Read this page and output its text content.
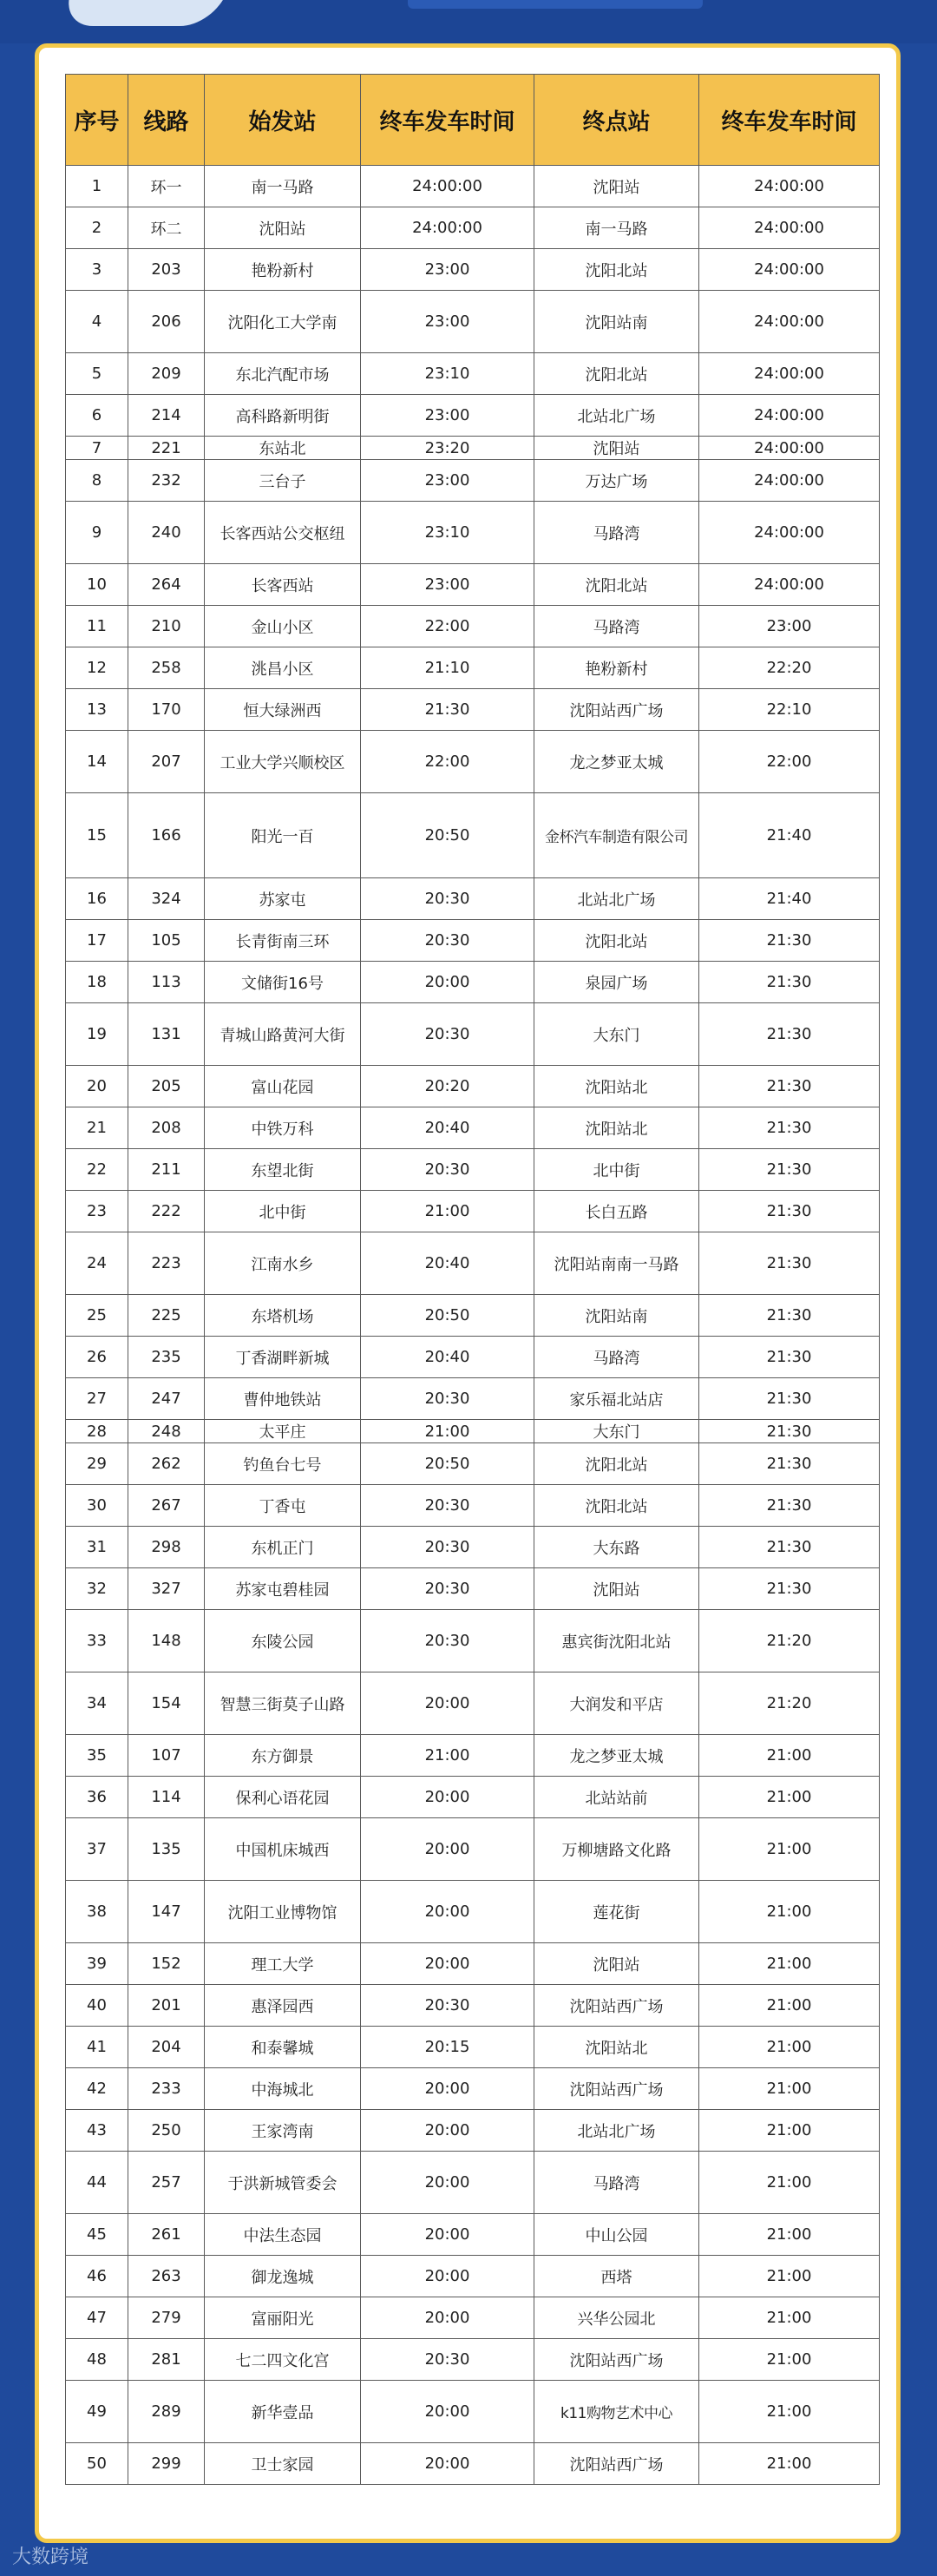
序号	线路	始发站	终车发车时间	终点站	终车发车时间
1	环一	南一马路	24:00:00	沈阳站	24:00:00
2	环二	沈阳站	24:00:00	南一马路	24:00:00
3	203	艳粉新村	23:00	沈阳北站	24:00:00
4	206	沈阳化工大学南	23:00	沈阳站南	24:00:00
5	209	东北汽配市场	23:10	沈阳北站	24:00:00
6	214	高科路新明街	23:00	北站北广场	24:00:00
7	221	东站北	23:20	沈阳站	24:00:00
8	232	三台子	23:00	万达广场	24:00:00
9	240	长客西站公交枢纽	23:10	马路湾	24:00:00
10	264	长客西站	23:00	沈阳北站	24:00:00
11	210	金山小区	22:00	马路湾	23:00
12	258	洮昌小区	21:10	艳粉新村	22:20
13	170	恒大绿洲西	21:30	沈阳站西广场	22:10
14	207	工业大学兴顺校区	22:00	龙之梦亚太城	22:00
15	166	阳光一百	20:50	金杯汽车制造有限公司	21:40
16	324	苏家屯	20:30	北站北广场	21:40
17	105	长青街南三环	20:30	沈阳北站	21:30
18	113	文储街16号	20:00	泉园广场	21:30
19	131	青城山路黄河大街	20:30	大东门	21:30
20	205	富山花园	20:20	沈阳站北	21:30
21	208	中铁万科	20:40	沈阳站北	21:30
22	211	东望北街	20:30	北中街	21:30
23	222	北中街	21:00	长白五路	21:30
24	223	江南水乡	20:40	沈阳站南南一马路	21:30
25	225	东塔机场	20:50	沈阳站南	21:30
26	235	丁香湖畔新城	20:40	马路湾	21:30
27	247	曹仲地铁站	20:30	家乐福北站店	21:30
28	248	太平庄	21:00	大东门	21:30
29	262	钓鱼台七号	20:50	沈阳北站	21:30
30	267	丁香屯	20:30	沈阳北站	21:30
31	298	东机正门	20:30	大东路	21:30
32	327	苏家屯碧桂园	20:30	沈阳站	21:30
33	148	东陵公园	20:30	惠宾街沈阳北站	21:20
34	154	智慧三街莫子山路	20:00	大润发和平店	21:20
35	107	东方御景	21:00	龙之梦亚太城	21:00
36	114	保利心语花园	20:00	北站站前	21:00
37	135	中国机床城西	20:00	万柳塘路文化路	21:00
38	147	沈阳工业博物馆	20:00	莲花街	21:00
39	152	理工大学	20:00	沈阳站	21:00
40	201	惠泽园西	20:30	沈阳站西广场	21:00
41	204	和泰馨城	20:15	沈阳站北	21:00
42	233	中海城北	20:00	沈阳站西广场	21:00
43	250	王家湾南	20:00	北站北广场	21:00
44	257	于洪新城管委会	20:00	马路湾	21:00
45	261	中法生态园	20:00	中山公园	21:00
46	263	御龙逸城	20:00	西塔	21:00
47	279	富丽阳光	20:00	兴华公园北	21:00
48	281	七二四文化宫	20:30	沈阳站西广场	21:00
49	289	新华壹品	20:00	k11购物艺术中心	21:00
50	299	卫士家园	20:00	沈阳站西广场	21:00
大数跨境
